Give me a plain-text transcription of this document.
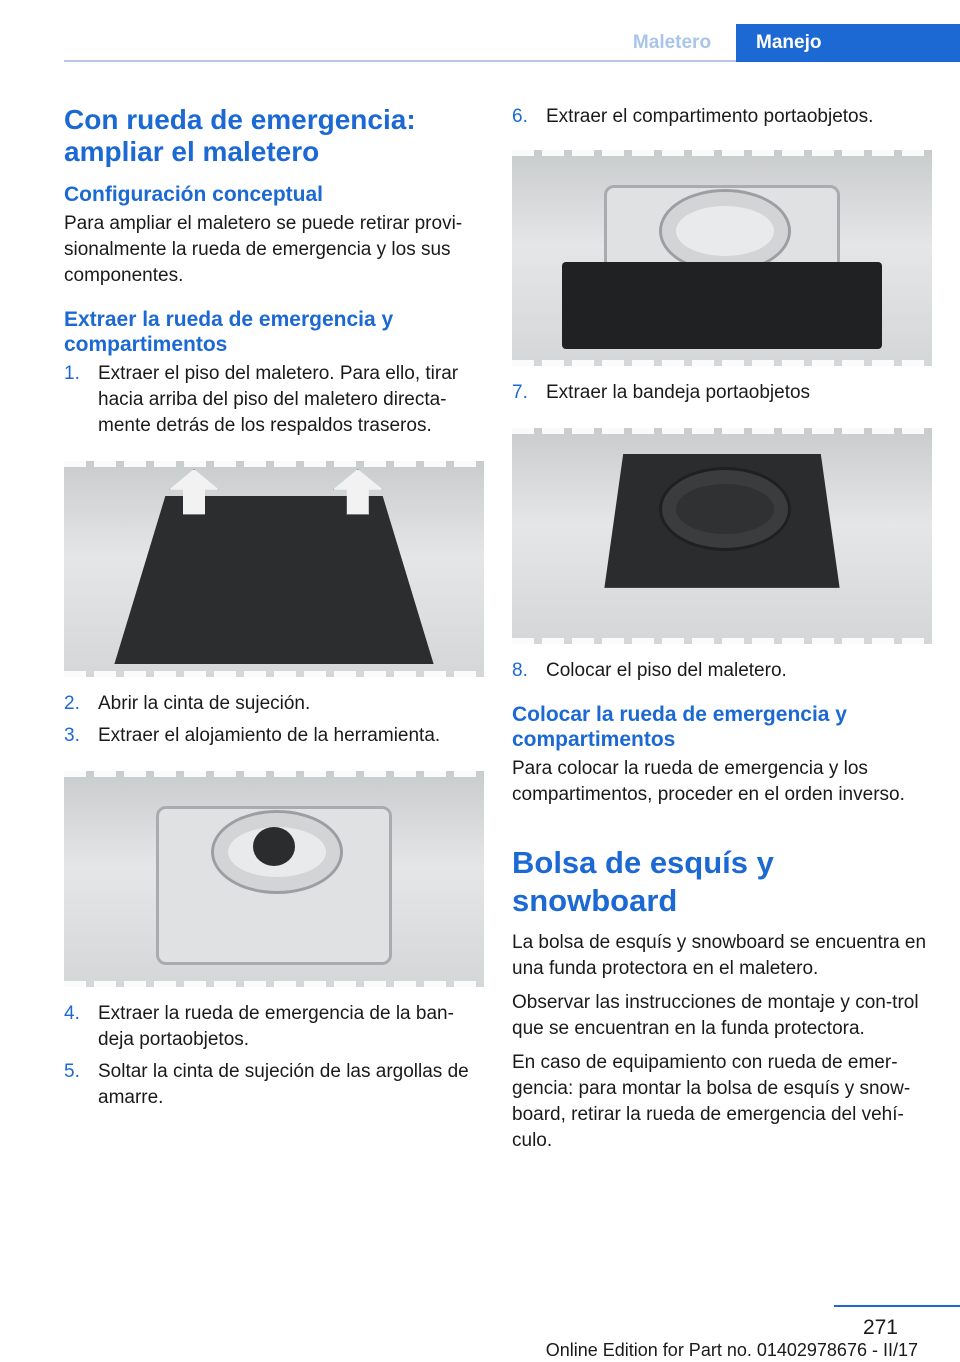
Maletero	Manejo
Con rueda de emergencia: ampliar el maletero
Configuración conceptual

Para ampliar el maletero se puede retirar provi-sionalmente la rueda de emergencia y los sus componentes.

Extraer la rueda de emergencia y compartimentos
1. Extraer el piso del maletero. Para ello, tirar hacia arriba del piso del maletero directa-mente detrás de los respaldos traseros.
2. Abrir la cinta de sujeción.
3. Extraer el alojamiento de la herramienta.
4. Extraer la rueda de emergencia de la ban-deja portaobjetos.
5. Soltar la cinta de sujeción de las argollas de amarre.
6. Extraer el compartimento portaobjetos.
7. Extraer la bandeja portaobjetos
8. Colocar el piso del maletero.
Colocar la rueda de emergencia y compartimentos

Para colocar la rueda de emergencia y los compartimentos, proceder en el orden inverso.

Bolsa de esquís y snowboard

La bolsa de esquís y snowboard se encuentra en una funda protectora en el maletero.

Observar las instrucciones de montaje y con-trol que se encuentran en la funda protectora.

En caso de equipamiento con rueda de emer-gencia: para montar la bolsa de esquís y snow-board, retirar la rueda de emergencia del vehí-culo.

271
Online Edition for Part no. 01402978676 - II/17
